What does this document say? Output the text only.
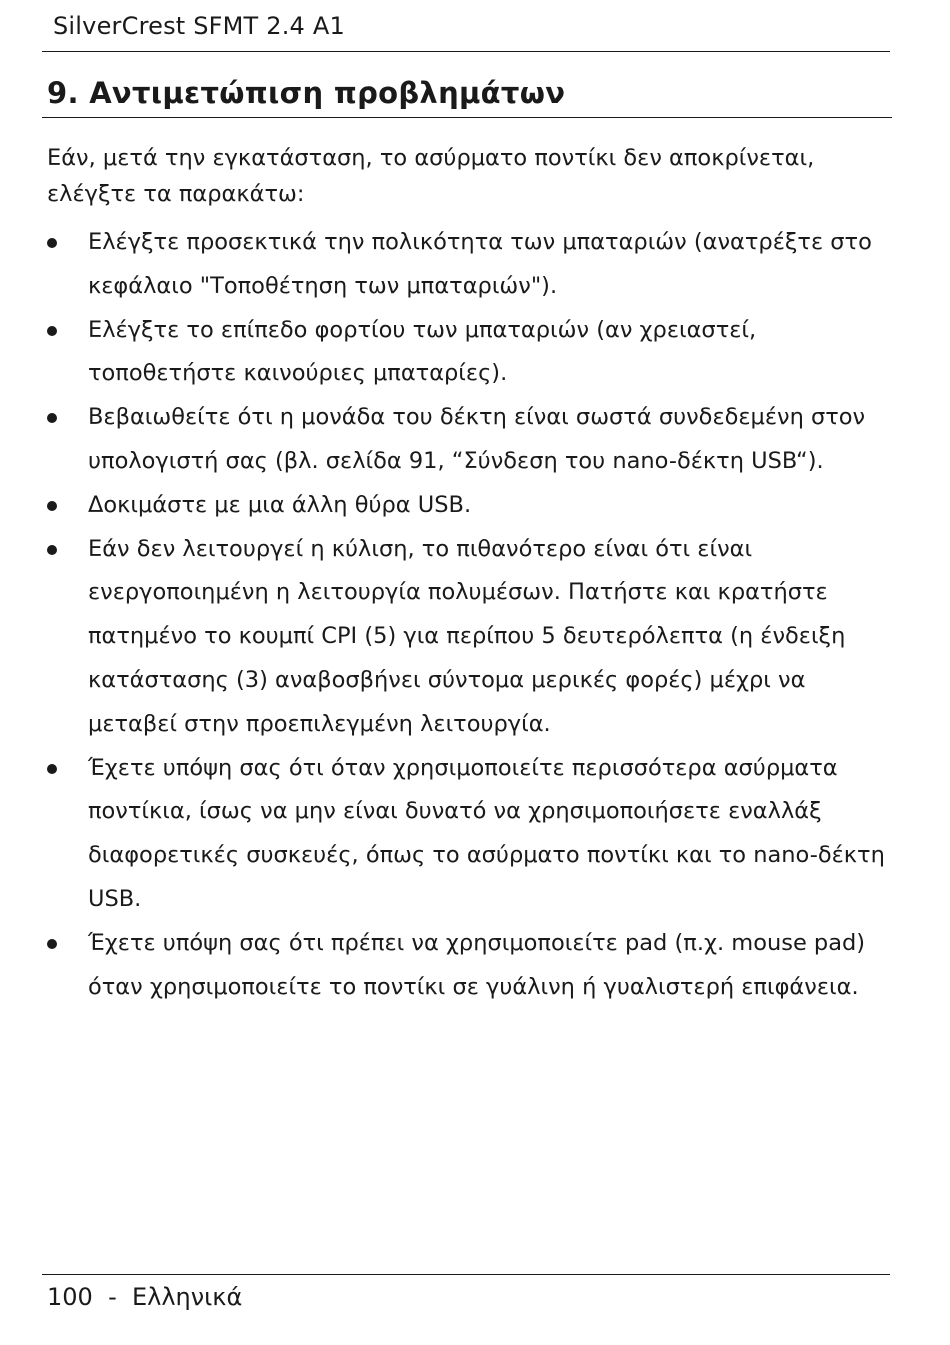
SilverCrest SFMT 2.4 A1
9. Αντιμετώπιση προβλημάτων

Εάν, μετά την εγκατάσταση, το ασύρματο ποντίκι δεν αποκρίνεται, ελέγξτε τα παρακάτω:

Ελέγξτε προσεκτικά την πολικότητα των μπαταριών (ανατρέξτε στο κεφάλαιο "Τοποθέτηση των μπαταριών").
Ελέγξτε το επίπεδο φορτίου των μπαταριών (αν χρειαστεί, τοποθετήστε καινούριες μπαταρίες).
Βεβαιωθείτε ότι η μονάδα του δέκτη είναι σωστά συνδεδεμένη στον υπολογιστή σας (βλ. σελίδα 91, “Σύνδεση του nano-δέκτη USB“).
Δοκιμάστε με μια άλλη θύρα USB.
Εάν δεν λειτουργεί η κύλιση, το πιθανότερο είναι ότι είναι ενεργοποιημένη η λειτουργία πολυμέσων. Πατήστε και κρατήστε πατημένο το κουμπί CPI (5) για περίπου 5 δευτερόλεπτα (η ένδειξη κατάστασης (3) αναβοσβήνει σύντομα μερικές φορές) μέχρι να μεταβεί στην προεπιλεγμένη λειτουργία.
Έχετε υπόψη σας ότι όταν χρησιμοποιείτε περισσότερα ασύρματα ποντίκια, ίσως να μην είναι δυνατό να χρησιμοποιήσετε εναλλάξ διαφορετικές συσκευές, όπως το ασύρματο ποντίκι και το nano-δέκτη USB.
Έχετε υπόψη σας ότι πρέπει να χρησιμοποιείτε pad (π.χ. mouse pad) όταν χρησιμοποιείτε το ποντίκι σε γυάλινη ή γυαλιστερή επιφάνεια.
100  -  Ελληνικά
